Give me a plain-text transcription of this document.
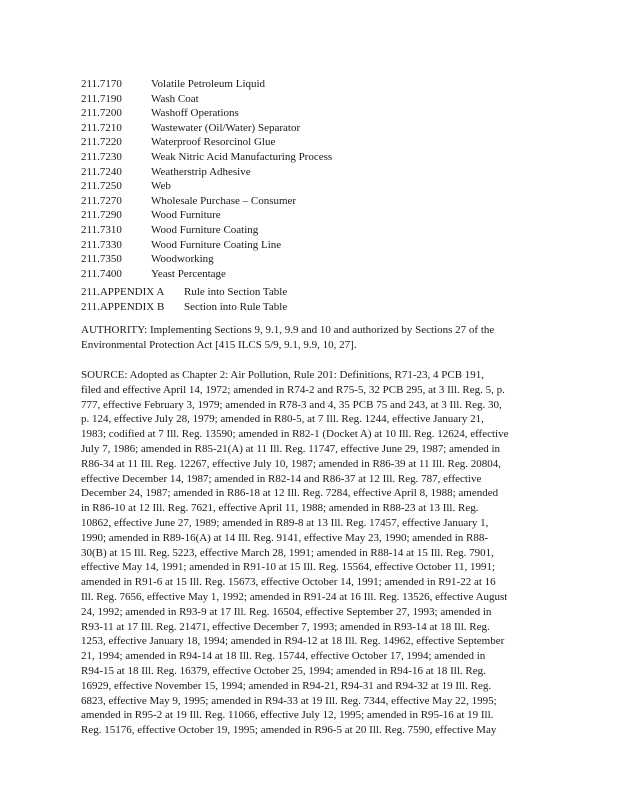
211.7170	Volatile Petroleum Liquid
211.7190	Wash Coat
211.7200	Washoff Operations
211.7210	Wastewater (Oil/Water) Separator
211.7220	Waterproof Resorcinol Glue
211.7230	Weak Nitric Acid Manufacturing Process
211.7240	Weatherstrip Adhesive
211.7250	Web
211.7270	Wholesale Purchase – Consumer
211.7290	Wood Furniture
211.7310	Wood Furniture Coating
211.7330	Wood Furniture Coating Line
211.7350	Woodworking
211.7400	Yeast Percentage
211.APPENDIX A	Rule into Section Table
211.APPENDIX B	Section into Rule Table
AUTHORITY: Implementing Sections 9, 9.1, 9.9 and 10 and authorized by Sections 27 of the
Environmental Protection Act [415 ILCS 5/9, 9.1, 9.9, 10, 27].
SOURCE: Adopted as Chapter 2: Air Pollution, Rule 201: Definitions, R71-23, 4 PCB 191,
filed and effective April 14, 1972; amended in R74-2 and R75-5, 32 PCB 295, at 3 Ill. Reg. 5, p.
777, effective February 3, 1979; amended in R78-3 and 4, 35 PCB 75 and 243, at 3 Ill. Reg. 30,
p. 124, effective July 28, 1979; amended in R80-5, at 7 Ill. Reg. 1244, effective January 21,
1983; codified at 7 Ill. Reg. 13590; amended in R82-1 (Docket A) at 10 Ill. Reg. 12624, effective
July 7, 1986; amended in R85-21(A) at 11 Ill. Reg. 11747, effective June 29, 1987; amended in
R86-34 at 11 Ill. Reg. 12267, effective July 10, 1987; amended in R86-39 at 11 Ill. Reg. 20804,
effective December 14, 1987; amended in R82-14 and R86-37 at 12 Ill. Reg. 787, effective
December 24, 1987; amended in R86-18 at 12 Ill. Reg. 7284, effective April 8, 1988; amended
in R86-10 at 12 Ill. Reg. 7621, effective April 11, 1988; amended in R88-23 at 13 Ill. Reg.
10862, effective June 27, 1989; amended in R89-8 at 13 Ill. Reg. 17457, effective January 1,
1990; amended in R89-16(A) at 14 Ill. Reg. 9141, effective May 23, 1990; amended in R88-
30(B) at 15 Ill. Reg. 5223, effective March 28, 1991; amended in R88-14 at 15 Ill. Reg. 7901,
effective May 14, 1991; amended in R91-10 at 15 Ill. Reg. 15564, effective October 11, 1991;
amended in R91-6 at 15 Ill. Reg. 15673, effective October 14, 1991; amended in R91-22 at 16
Ill. Reg. 7656, effective May 1, 1992; amended in R91-24 at 16 Ill. Reg. 13526, effective August
24, 1992; amended in R93-9 at 17 Ill. Reg. 16504, effective September 27, 1993; amended in
R93-11 at 17 Ill. Reg. 21471, effective December 7, 1993; amended in R93-14 at 18 Ill. Reg.
1253, effective January 18, 1994; amended in R94-12 at 18 Ill. Reg. 14962, effective September
21, 1994; amended in R94-14 at 18 Ill. Reg. 15744, effective October 17, 1994; amended in
R94-15 at 18 Ill. Reg. 16379, effective October 25, 1994; amended in R94-16 at 18 Ill. Reg.
16929, effective November 15, 1994; amended in R94-21, R94-31 and R94-32 at 19 Ill. Reg.
6823, effective May 9, 1995; amended in R94-33 at 19 Ill. Reg. 7344, effective May 22, 1995;
amended in R95-2 at 19 Ill. Reg. 11066, effective July 12, 1995; amended in R95-16 at 19 Ill.
Reg. 15176, effective October 19, 1995; amended in R96-5 at 20 Ill. Reg. 7590, effective May
